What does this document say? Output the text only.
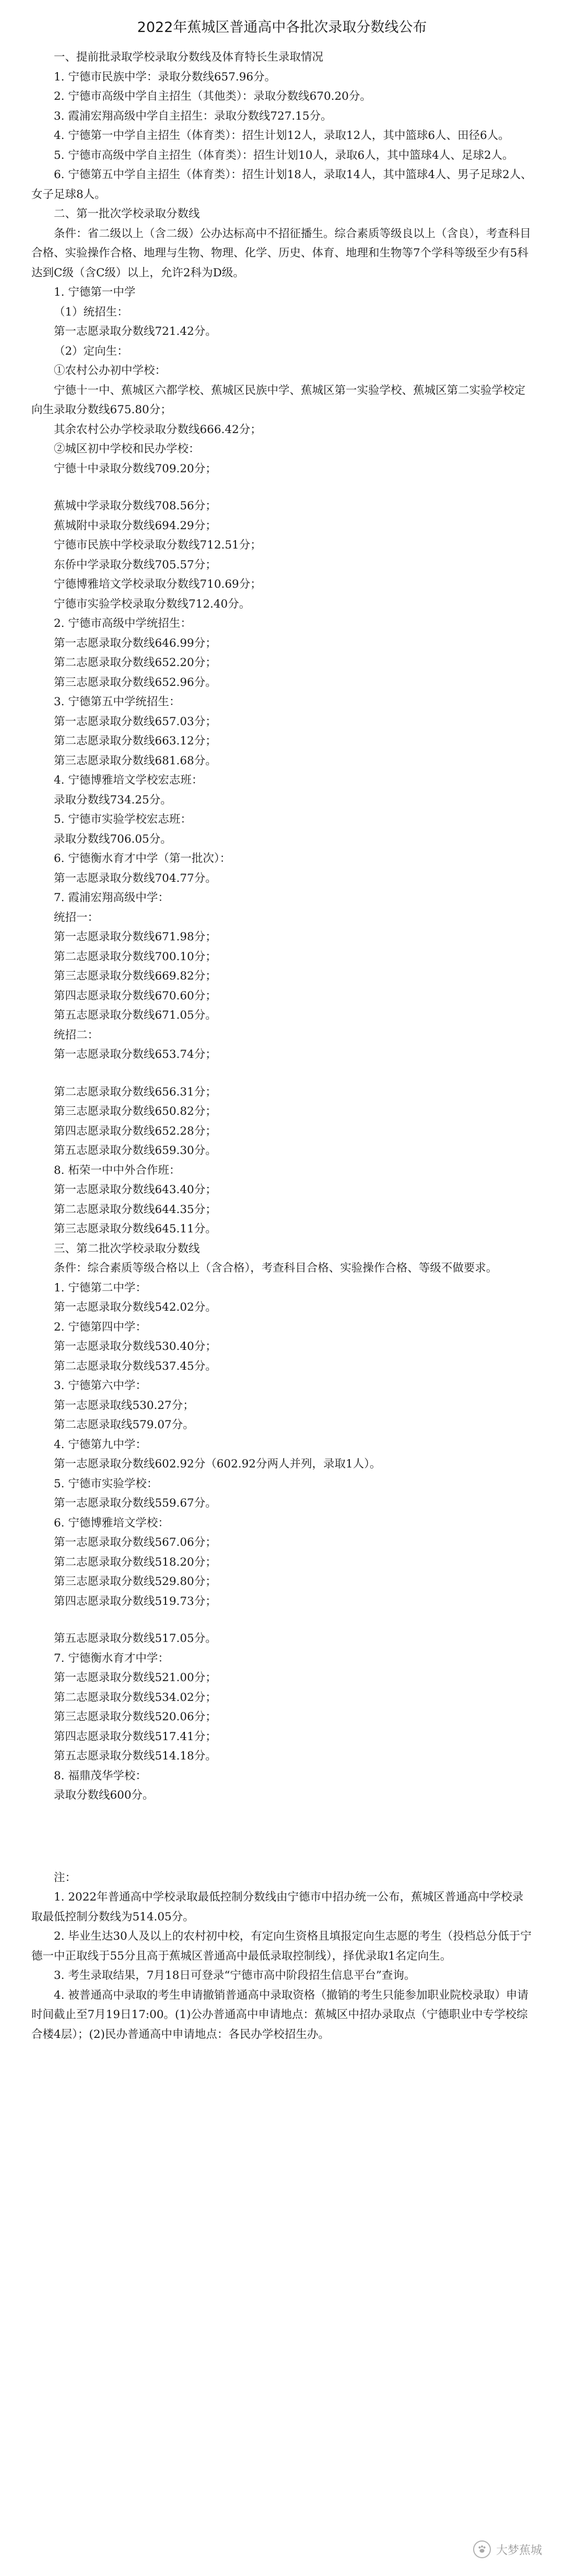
2022年蕉城区普通高中各批次录取分数线公布
一、提前批录取学校录取分数线及体育特长生录取情况
1. 宁德市民族中学：录取分数线657.96分。
2. 宁德市高级中学自主招生（其他类）：录取分数线670.20分。
3. 霞浦宏翔高级中学自主招生：录取分数线727.15分。
4. 宁德第一中学自主招生（体育类）：招生计划12人，录取12人，其中篮球6人、田径6人。
5. 宁德市高级中学自主招生（体育类）：招生计划10人，录取6人，其中篮球4人、足球2人。
6. 宁德第五中学自主招生（体育类）：招生计划18人，录取14人，其中篮球4人、男子足球2人、女子足球8人。
二、第一批次学校录取分数线
条件：省二级以上（含二级）公办达标高中不招征播生。综合素质等级良以上（含良），考查科目合格、实验操作合格、地理与生物、物理、化学、历史、体育、地理和生物等7个学科等级至少有5科达到C级（含C级）以上，允许2科为D级。
1. 宁德第一中学
（1）统招生：
第一志愿录取分数线721.42分。
（2）定向生：
①农村公办初中学校：
宁德十一中、蕉城区六都学校、蕉城区民族中学、蕉城区第一实验学校、蕉城区第二实验学校定向生录取分数线675.80分；
其余农村公办学校录取分数线666.42分；
②城区初中学校和民办学校：
宁德十中录取分数线709.20分；
蕉城中学录取分数线708.56分；
蕉城附中录取分数线694.29分；
宁德市民族中学校录取分数线712.51分；
东侨中学录取分数线705.57分；
宁德博雅培文学校录取分数线710.69分；
宁德市实验学校录取分数线712.40分。
2. 宁德市高级中学统招生：
第一志愿录取分数线646.99分；
第二志愿录取分数线652.20分；
第三志愿录取分数线652.96分。
3. 宁德第五中学统招生：
第一志愿录取分数线657.03分；
第二志愿录取分数线663.12分；
第三志愿录取分数线681.68分。
4. 宁德博雅培文学校宏志班：
录取分数线734.25分。
5. 宁德市实验学校宏志班：
录取分数线706.05分。
6. 宁德衡水育才中学（第一批次）：
第一志愿录取分数线704.77分。
7. 霞浦宏翔高级中学：
统招一：
第一志愿录取分数线671.98分；
第二志愿录取分数线700.10分；
第三志愿录取分数线669.82分；
第四志愿录取分数线670.60分；
第五志愿录取分数线671.05分。
统招二：
第一志愿录取分数线653.74分；
第二志愿录取分数线656.31分；
第三志愿录取分数线650.82分；
第四志愿录取分数线652.28分；
第五志愿录取分数线659.30分。
8. 柘荣一中中外合作班：
第一志愿录取分数线643.40分；
第二志愿录取分数线644.35分；
第三志愿录取分数线645.11分。
三、第二批次学校录取分数线
条件：综合素质等级合格以上（含合格），考查科目合格、实验操作合格、等级不做要求。
1. 宁德第二中学：
第一志愿录取分数线542.02分。
2. 宁德第四中学：
第一志愿录取分数线530.40分；
第二志愿录取分数线537.45分。
3. 宁德第六中学：
第一志愿录取线530.27分；
第二志愿录取线579.07分。
4. 宁德第九中学：
第一志愿录取分数线602.92分（602.92分两人并列，录取1人）。
5. 宁德市实验学校：
第一志愿录取分数线559.67分。
6. 宁德博雅培文学校：
第一志愿录取分数线567.06分；
第二志愿录取分数线518.20分；
第三志愿录取分数线529.80分；
第四志愿录取分数线519.73分；
第五志愿录取分数线517.05分。
7. 宁德衡水育才中学：
第一志愿录取分数线521.00分；
第二志愿录取分数线534.02分；
第三志愿录取分数线520.06分；
第四志愿录取分数线517.41分；
第五志愿录取分数线514.18分。
8. 福鼎茂华学校：
录取分数线600分。
注：
1. 2022年普通高中学校录取最低控制分数线由宁德市中招办统一公布，蕉城区普通高中学校录取最低控制分数线为514.05分。
2. 毕业生达30人及以上的农村初中校，有定向生资格且填报定向生志愿的考生（投档总分低于宁德一中正取线于55分且高于蕉城区普通高中最低录取控制线），择优录取1名定向生。
3. 考生录取结果，7月18日可登录“宁德市高中阶段招生信息平台”查询。
4. 被普通高中录取的考生申请撤销普通高中录取资格（撤销的考生只能参加职业院校录取）申请时间截止至7月19日17:00。(1)公办普通高中申请地点：蕉城区中招办录取点（宁德职业中专学校综合楼4层）；(2)民办普通高中申请地点：各民办学校招生办。
大梦蕉城
